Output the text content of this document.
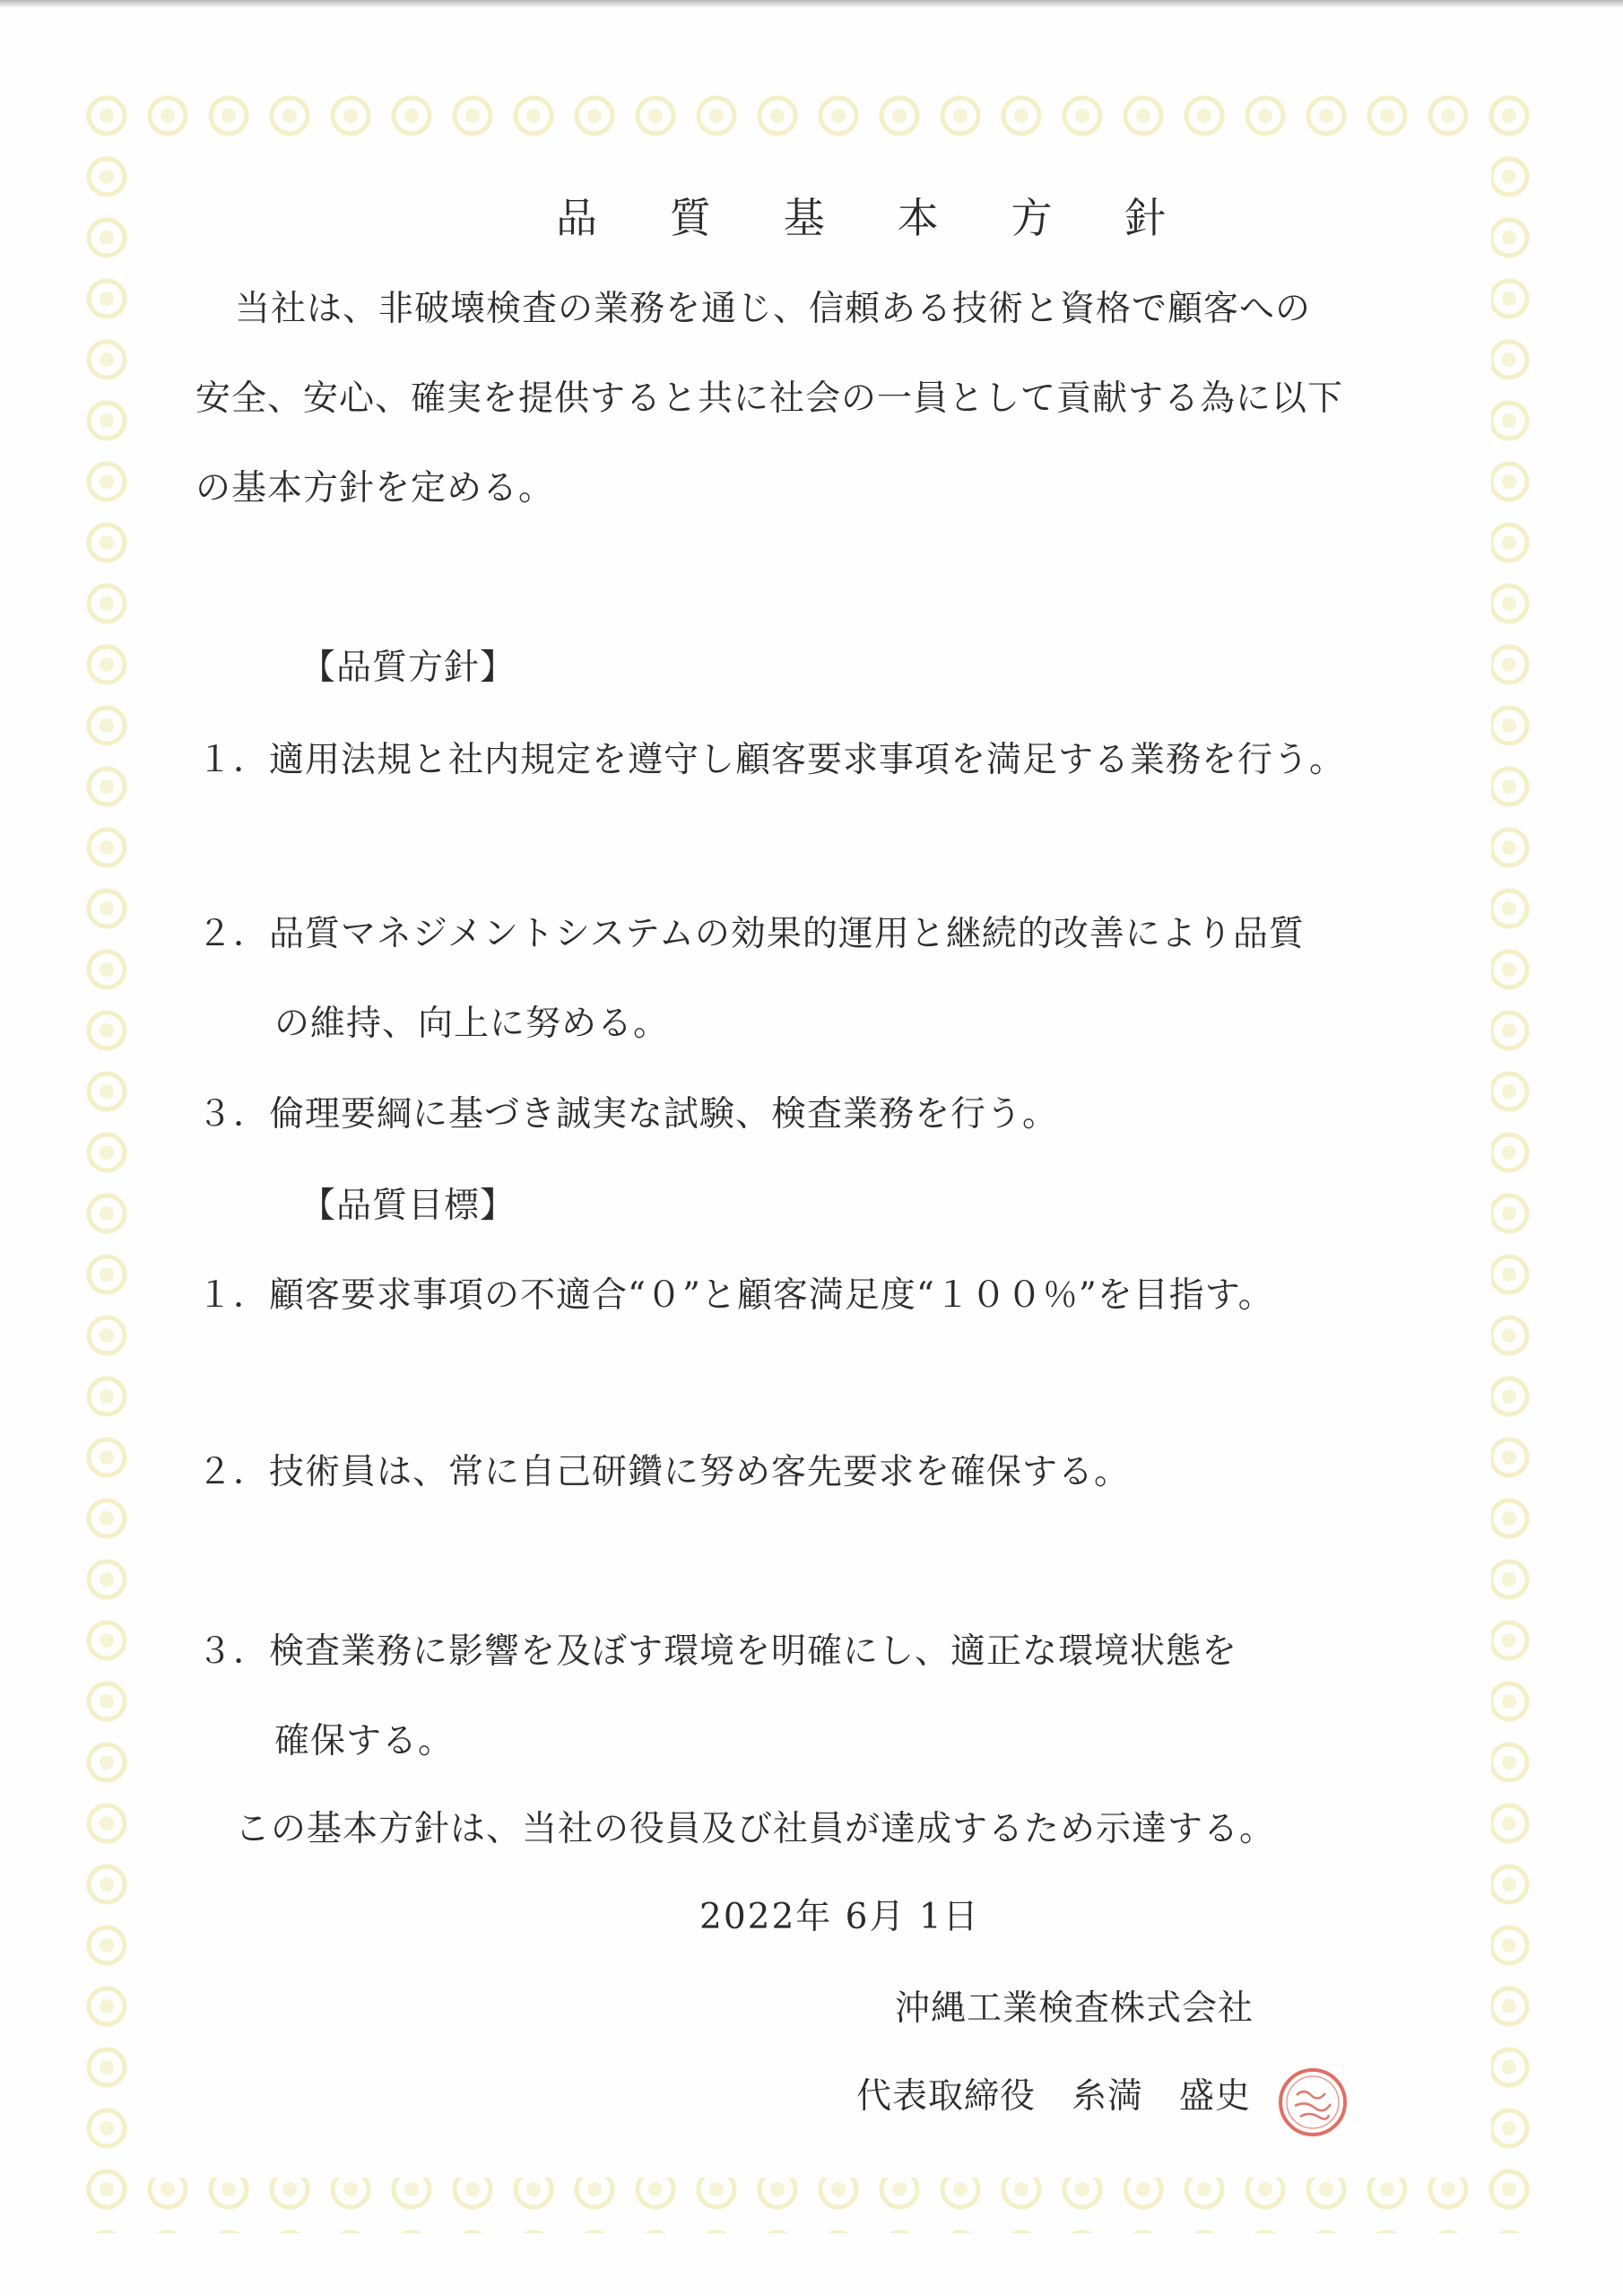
品 質 基 本 方 針
当社は、非破壊検査の業務を通じ、信頼ある技術と資格で顧客への
安全、安心、確実を提供すると共に社会の一員として貢献する為に以下
の基本方針を定める。
【品質方針】
１．適用法規と社内規定を遵守し顧客要求事項を満足する業務を行う。
２．品質マネジメントシステムの効果的運用と継続的改善により品質
の維持、向上に努める。
３．倫理要綱に基づき誠実な試験、検査業務を行う。
【品質目標】
１．顧客要求事項の不適合“０”と顧客満足度“１００％”を目指す。
２．技術員は、常に自己研鑽に努め客先要求を確保する。
３．検査業務に影響を及ぼす環境を明確にし、適正な環境状態を
確保する。
この基本方針は、当社の役員及び社員が達成するため示達する。
2022年 6月 1日
沖縄工業検査株式会社
代表取締役　糸満　盛史
